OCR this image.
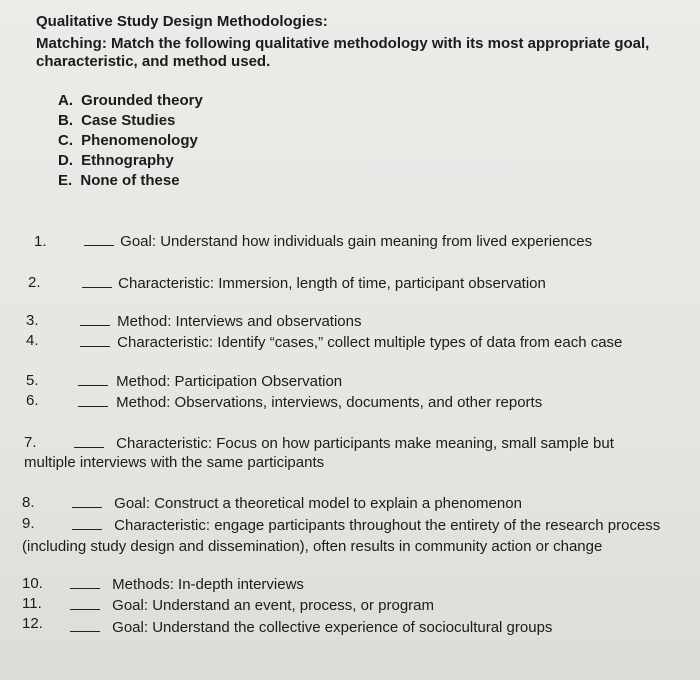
Qualitative Study Design Methodologies:
Matching: Match the following qualitative methodology with its most appropriate goal,
characteristic, and method used.
A. Grounded theory
B. Case Studies
C. Phenomenology
D. Ethnography
E. None of these
1.	Goal: Understand how individuals gain meaning from lived experiences
2.	Characteristic: Immersion, length of time, participant observation
3.	Method: Interviews and observations
4.	Characteristic: Identify “cases,” collect multiple types of data from each case
5.	Method: Participation Observation
6.	Method: Observations, interviews, documents, and other reports
7.	Characteristic: Focus on how participants make meaning, small sample but
multiple interviews with the same participants
8.	Goal: Construct a theoretical model to explain a phenomenon
9.	Characteristic: engage participants throughout the entirety of the research process
(including study design and dissemination), often results in community action or change
10.	Methods: In-depth interviews
11.	Goal: Understand an event, process, or program
12.	Goal: Understand the collective experience of sociocultural groups
